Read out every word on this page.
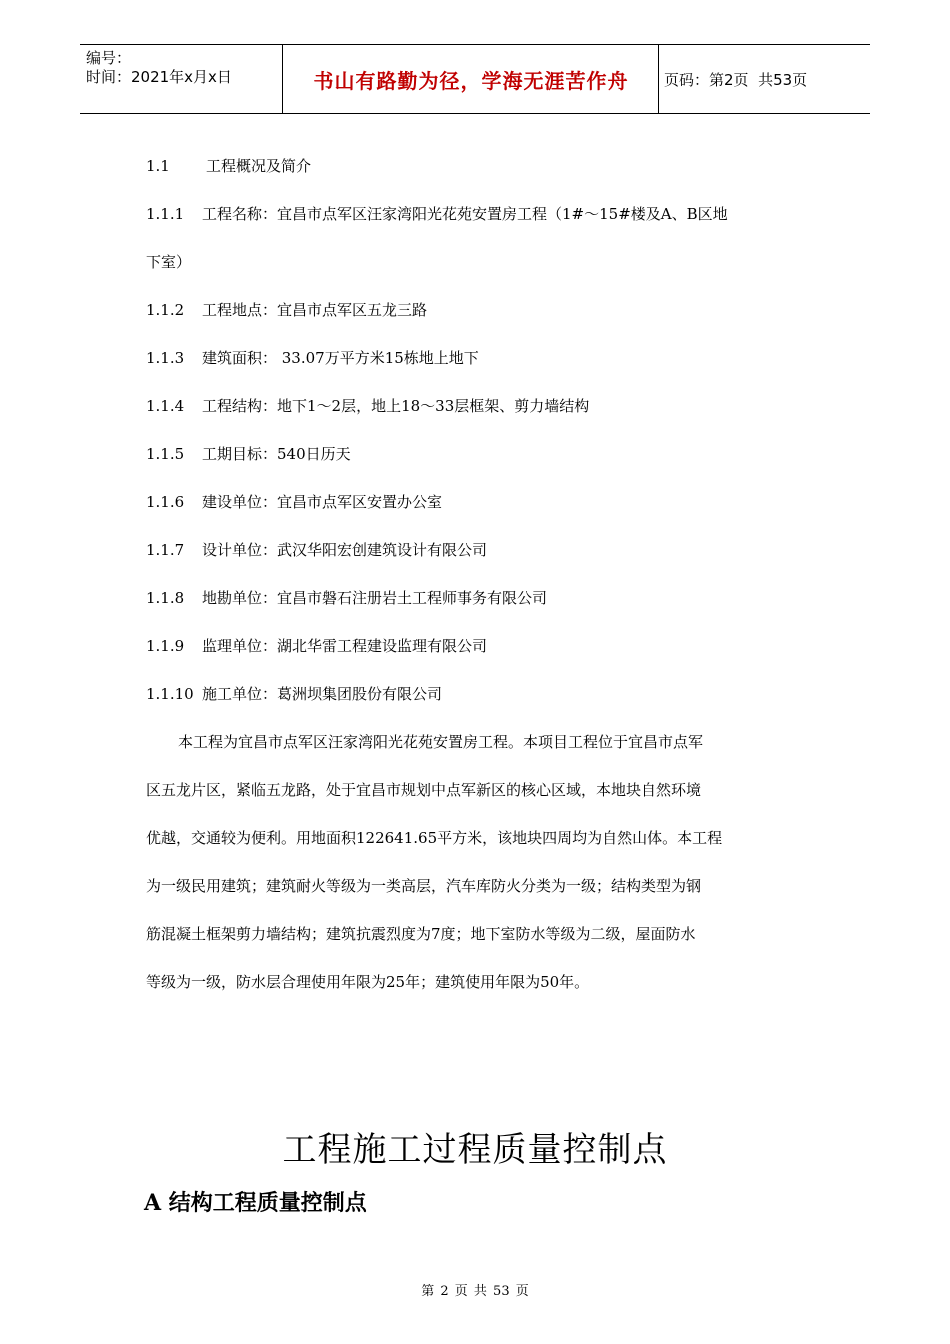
编号：
时间：2021年x月x日	书山有路勤为径，学海无涯苦作舟	页码：第2页  共53页
1.1 工程概况及简介
1.1.1 工程名称：宜昌市点军区汪家湾阳光花苑安置房工程（1#～15#楼及A、B区地
下室）
1.1.2 工程地点：宜昌市点军区五龙三路
1.1.3 建筑面积： 33.07万平方米15栋地上地下
1.1.4 工程结构：地下1～2层，地上18～33层框架、剪力墙结构
1.1.5 工期目标：540日历天
1.1.6 建设单位：宜昌市点军区安置办公室
1.1.7 设计单位：武汉华阳宏创建筑设计有限公司
1.1.8 地勘单位：宜昌市磐石注册岩土工程师事务有限公司
1.1.9 监理单位：湖北华雷工程建设监理有限公司
1.1.10 施工单位：葛洲坝集团股份有限公司
本工程为宜昌市点军区汪家湾阳光花苑安置房工程。本项目工程位于宜昌市点军
区五龙片区，紧临五龙路，处于宜昌市规划中点军新区的核心区域，本地块自然环境
优越，交通较为便利。用地面积122641.65平方米，该地块四周均为自然山体。本工程
为一级民用建筑；建筑耐火等级为一类高层，汽车库防火分类为一级；结构类型为钢
筋混凝土框架剪力墙结构；建筑抗震烈度为7度；地下室防水等级为二级，屋面防水
等级为一级，防水层合理使用年限为25年；建筑使用年限为50年。
工程施工过程质量控制点
A 结构工程质量控制点
第 2 页 共 53 页
